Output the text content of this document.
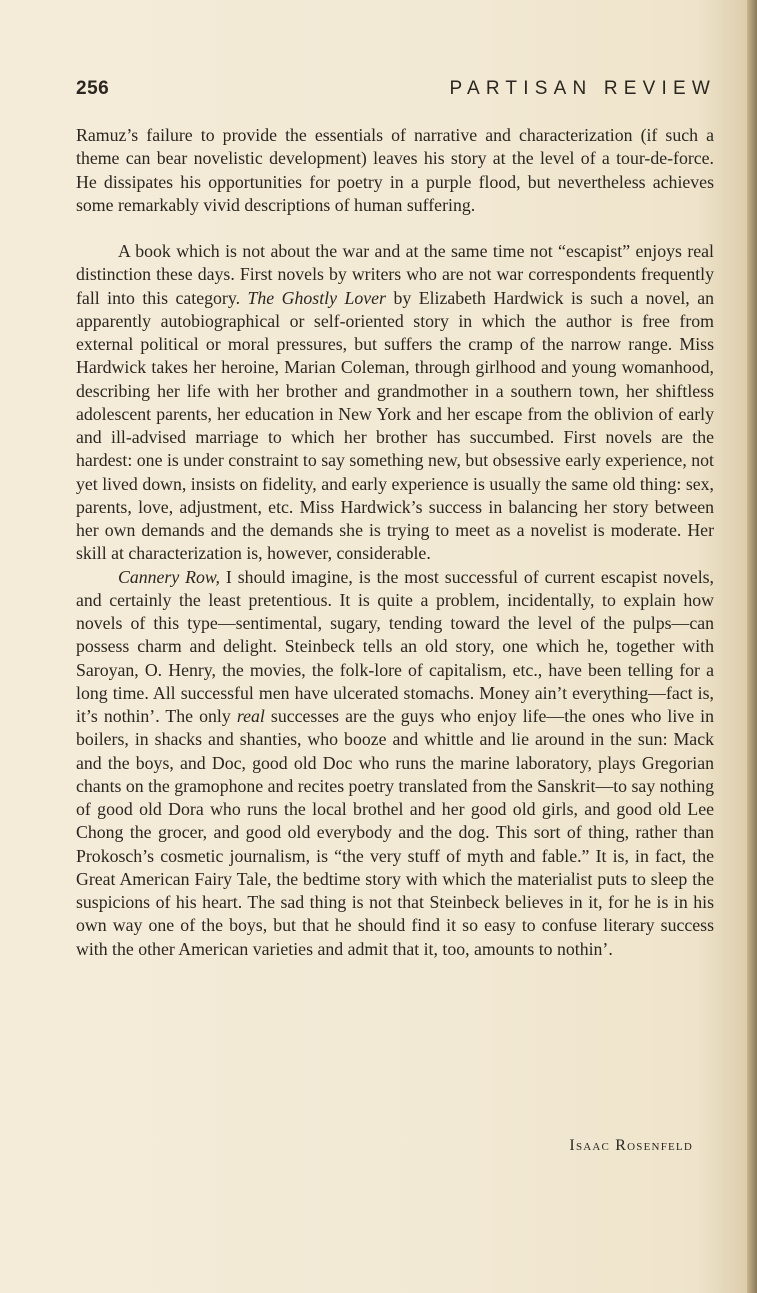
256	PARTISAN REVIEW

Ramuz’s failure to provide the essentials of narrative and characterization (if such a theme can bear novelistic development) leaves his story at the level of a tour-de-force. He dissipates his opportunities for poetry in a purple flood, but nevertheless achieves some remarkably vivid descriptions of human suffering.

A book which is not about the war and at the same time not “escapist” enjoys real distinction these days. First novels by writers who are not war correspondents frequently fall into this category. The Ghostly Lover by Elizabeth Hardwick is such a novel, an apparently autobiographical or self-oriented story in which the author is free from external political or moral pressures, but suffers the cramp of the narrow range. Miss Hardwick takes her heroine, Marian Coleman, through girlhood and young womanhood, describing her life with her brother and grandmother in a southern town, her shiftless adolescent parents, her education in New York and her escape from the oblivion of early and ill-advised marriage to which her brother has succumbed. First novels are the hardest: one is under constraint to say something new, but obsessive early experience, not yet lived down, insists on fidelity, and early experience is usually the same old thing: sex, parents, love, adjustment, etc. Miss Hardwick’s success in balancing her story between her own demands and the demands she is trying to meet as a novelist is moderate. Her skill at characterization is, however, considerable.

Cannery Row, I should imagine, is the most successful of current escapist novels, and certainly the least pretentious. It is quite a problem, incidentally, to explain how novels of this type—sentimental, sugary, tending toward the level of the pulps—can possess charm and delight. Steinbeck tells an old story, one which he, together with Saroyan, O. Henry, the movies, the folk-lore of capitalism, etc., have been telling for a long time. All successful men have ulcerated stomachs. Money ain’t everything—fact is, it’s nothin’. The only real successes are the guys who enjoy life—the ones who live in boilers, in shacks and shanties, who booze and whittle and lie around in the sun: Mack and the boys, and Doc, good old Doc who runs the marine laboratory, plays Gregorian chants on the gramophone and recites poetry translated from the Sanskrit—to say nothing of good old Dora who runs the local brothel and her good old girls, and good old Lee Chong the grocer, and good old everybody and the dog. This sort of thing, rather than Prokosch’s cosmetic journalism, is “the very stuff of myth and fable.” It is, in fact, the Great American Fairy Tale, the bedtime story with which the materialist puts to sleep the suspicions of his heart. The sad thing is not that Steinbeck believes in it, for he is in his own way one of the boys, but that he should find it so easy to confuse literary success with the other American varieties and admit that it, too, amounts to nothin’.

Isaac Rosenfeld
